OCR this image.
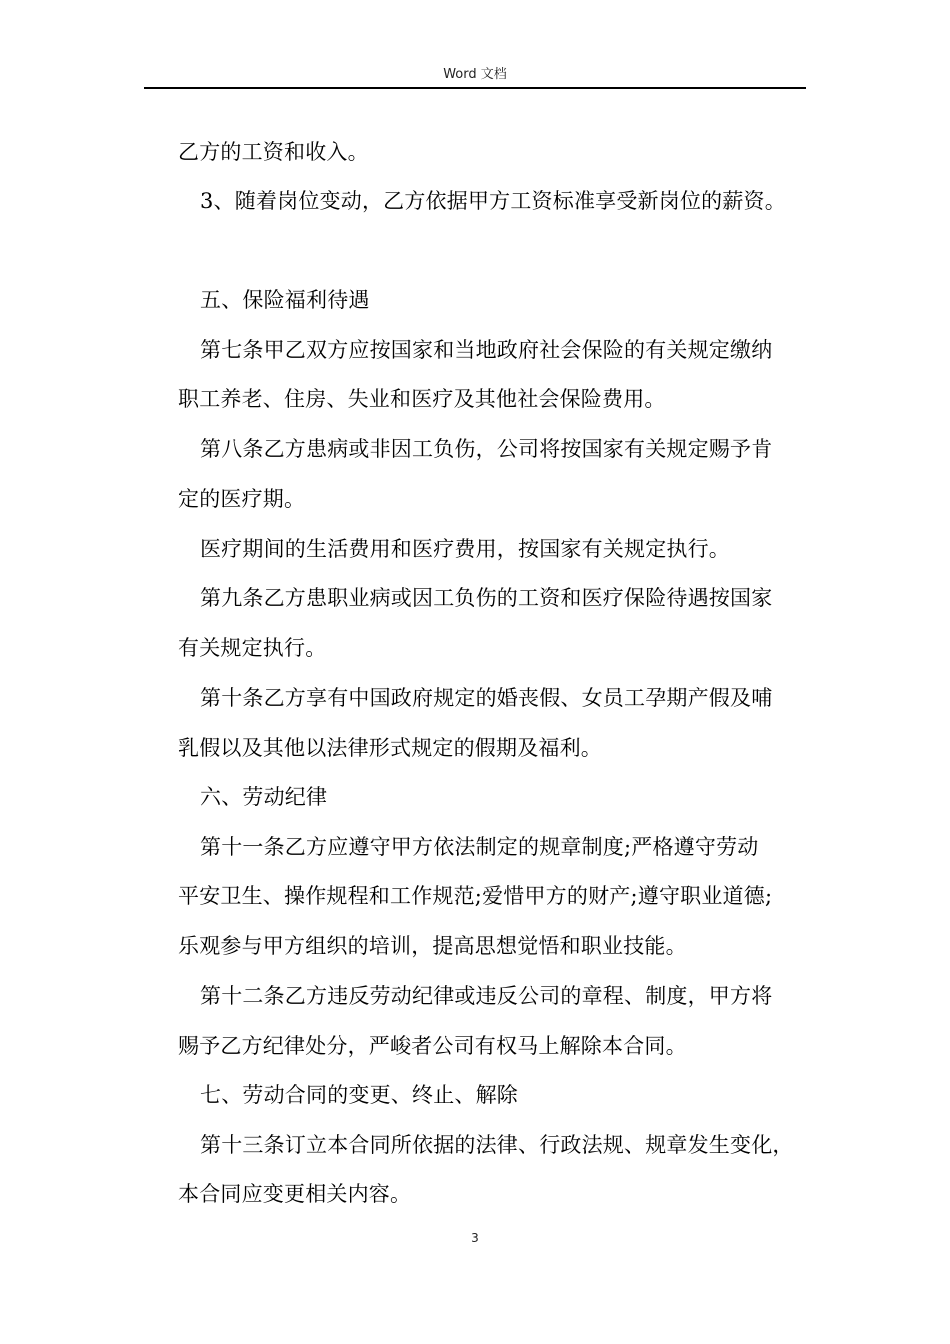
Word 文档
乙方的工资和收入。
3、随着岗位变动，乙方依据甲方工资标准享受新岗位的薪资。
五、保险福利待遇
第七条甲乙双方应按国家和当地政府社会保险的有关规定缴纳
职工养老、住房、失业和医疗及其他社会保险费用。
第八条乙方患病或非因工负伤，公司将按国家有关规定赐予肯
定的医疗期。
医疗期间的生活费用和医疗费用，按国家有关规定执行。
第九条乙方患职业病或因工负伤的工资和医疗保险待遇按国家
有关规定执行。
第十条乙方享有中国政府规定的婚丧假、女员工孕期产假及哺
乳假以及其他以法律形式规定的假期及福利。
六、劳动纪律
第十一条乙方应遵守甲方依法制定的规章制度;严格遵守劳动
平安卫生、操作规程和工作规范;爱惜甲方的财产;遵守职业道德;
乐观参与甲方组织的培训，提高思想觉悟和职业技能。
第十二条乙方违反劳动纪律或违反公司的章程、制度，甲方将
赐予乙方纪律处分，严峻者公司有权马上解除本合同。
七、劳动合同的变更、终止、解除
第十三条订立本合同所依据的法律、行政法规、规章发生变化，
本合同应变更相关内容。
3
